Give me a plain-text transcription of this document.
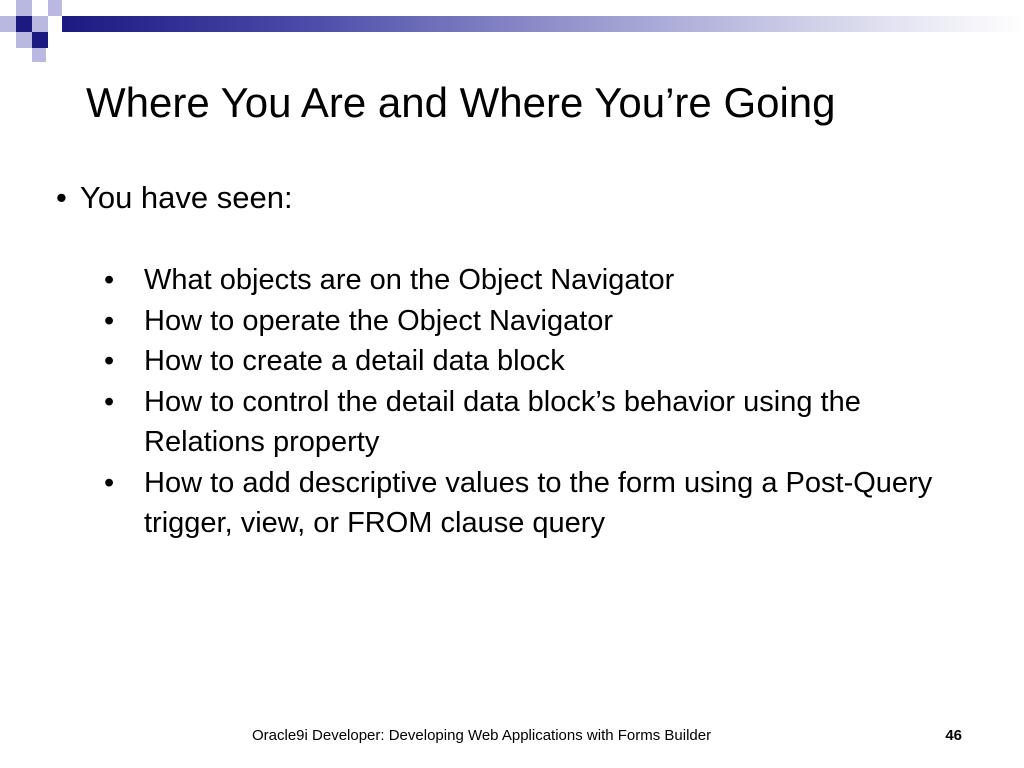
Where You Are and Where You’re Going
• You have seen:
•	What objects are on the Object Navigator
•	How to operate the Object Navigator
•	How to create a detail data block
•	How to control the detail data block’s behavior using the Relations property
•	How to add descriptive values to the form using a Post-Query trigger, view, or FROM clause query
Oracle9i Developer: Developing Web Applications with Forms Builder	46
